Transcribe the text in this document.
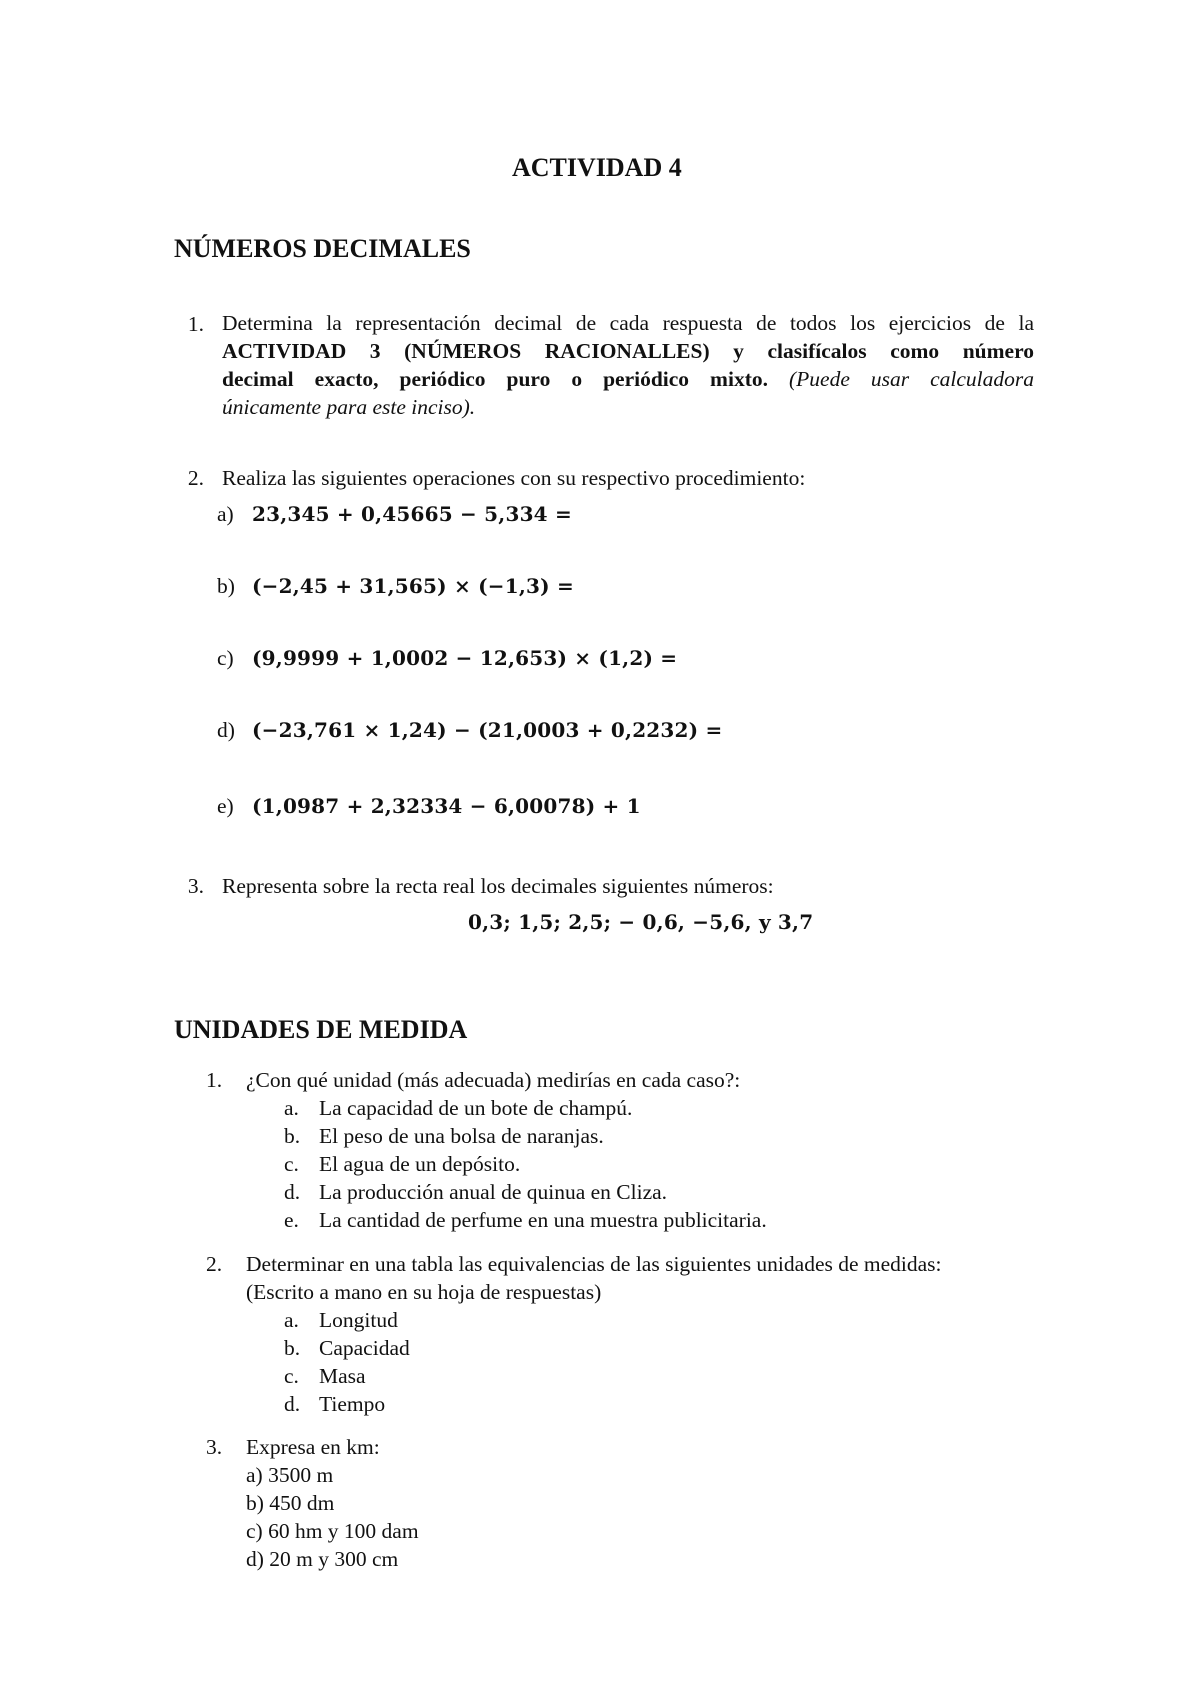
ACTIVIDAD 4
NÚMEROS DECIMALES
1. Determina la representación decimal de cada respuesta de todos los ejercicios de la
ACTIVIDAD 3 (NÚMEROS RACIONALLES) y clasifícalos como número
decimal exacto, periódico puro o periódico mixto. (Puede usar calculadora
únicamente para este inciso).
2. Realiza las siguientes operaciones con su respectivo procedimiento:
a) 23,345 + 0,45665 − 5,334 =
b) (−2,45 + 31,565) × (−1,3) =
c) (9,9999 + 1,0002 − 12,653) × (1,2) =
d) (−23,761 × 1,24) − (21,0003 + 0,2232) =
e) (1,0987 + 2,32334 − 6,00078) + 1
3. Representa sobre la recta real los decimales siguientes números:
0,3; 1,5; 2,5; − 0,6, −5,6, y 3,7
UNIDADES DE MEDIDA
1. ¿Con qué unidad (más adecuada) medirías en cada caso?:
a. La capacidad de un bote de champú.
b. El peso de una bolsa de naranjas.
c. El agua de un depósito.
d. La producción anual de quinua en Cliza.
e. La cantidad de perfume en una muestra publicitaria.
2. Determinar en una tabla las equivalencias de las siguientes unidades de medidas:
(Escrito a mano en su hoja de respuestas)
a. Longitud
b. Capacidad
c. Masa
d. Tiempo
3. Expresa en km:
a) 3500 m
b) 450 dm
c) 60 hm y 100 dam
d) 20 m y 300 cm
